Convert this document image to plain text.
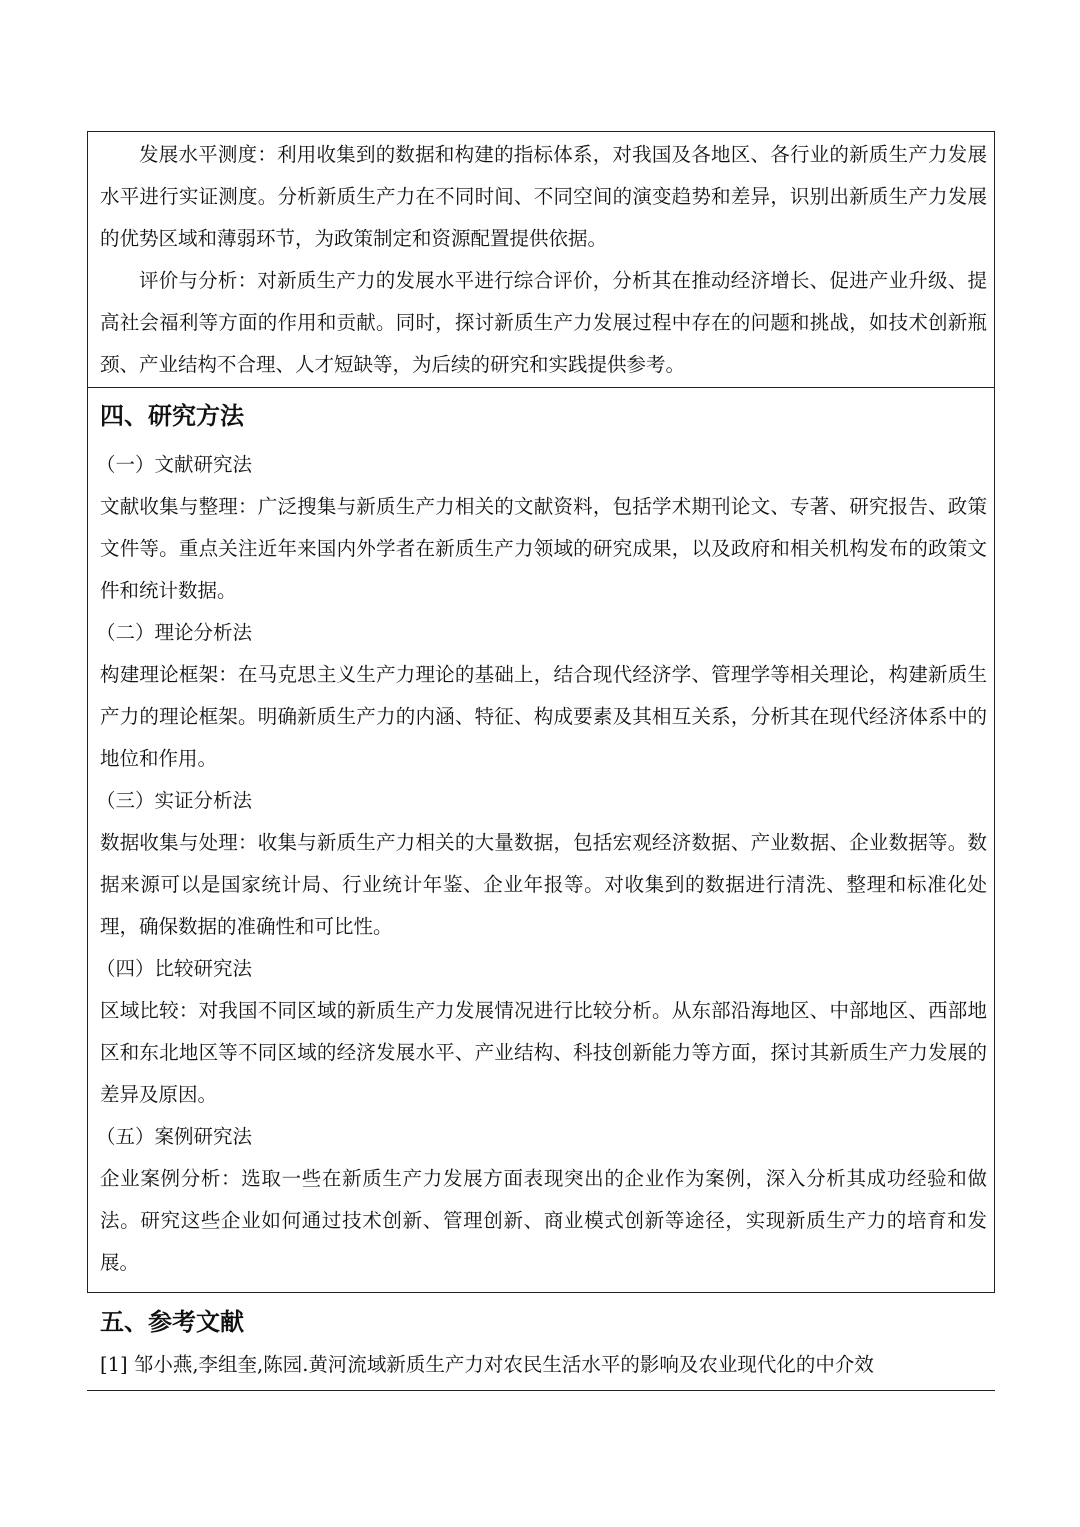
发展水平测度：利用收集到的数据和构建的指标体系，对我国及各地区、各行业的新质生产力发展水平进行实证测度。分析新质生产力在不同时间、不同空间的演变趋势和差异，识别出新质生产力发展的优势区域和薄弱环节，为政策制定和资源配置提供依据。

评价与分析：对新质生产力的发展水平进行综合评价，分析其在推动经济增长、促进产业升级、提高社会福利等方面的作用和贡献。同时，探讨新质生产力发展过程中存在的问题和挑战，如技术创新瓶颈、产业结构不合理、人才短缺等，为后续的研究和实践提供参考。

四、研究方法

（一）文献研究法

文献收集与整理：广泛搜集与新质生产力相关的文献资料，包括学术期刊论文、专著、研究报告、政策文件等。重点关注近年来国内外学者在新质生产力领域的研究成果，以及政府和相关机构发布的政策文件和统计数据。

（二）理论分析法

构建理论框架：在马克思主义生产力理论的基础上，结合现代经济学、管理学等相关理论，构建新质生产力的理论框架。明确新质生产力的内涵、特征、构成要素及其相互关系，分析其在现代经济体系中的地位和作用。

（三）实证分析法

数据收集与处理：收集与新质生产力相关的大量数据，包括宏观经济数据、产业数据、企业数据等。数据来源可以是国家统计局、行业统计年鉴、企业年报等。对收集到的数据进行清洗、整理和标准化处理，确保数据的准确性和可比性。

（四）比较研究法

区域比较：对我国不同区域的新质生产力发展情况进行比较分析。从东部沿海地区、中部地区、西部地区和东北地区等不同区域的经济发展水平、产业结构、科技创新能力等方面，探讨其新质生产力发展的差异及原因。

（五）案例研究法

企业案例分析：选取一些在新质生产力发展方面表现突出的企业作为案例，深入分析其成功经验和做法。研究这些企业如何通过技术创新、管理创新、商业模式创新等途径，实现新质生产力的培育和发展。

五、参考文献

[1] 邹小燕,李组奎,陈园.黄河流域新质生产力对农民生活水平的影响及农业现代化的中介效
